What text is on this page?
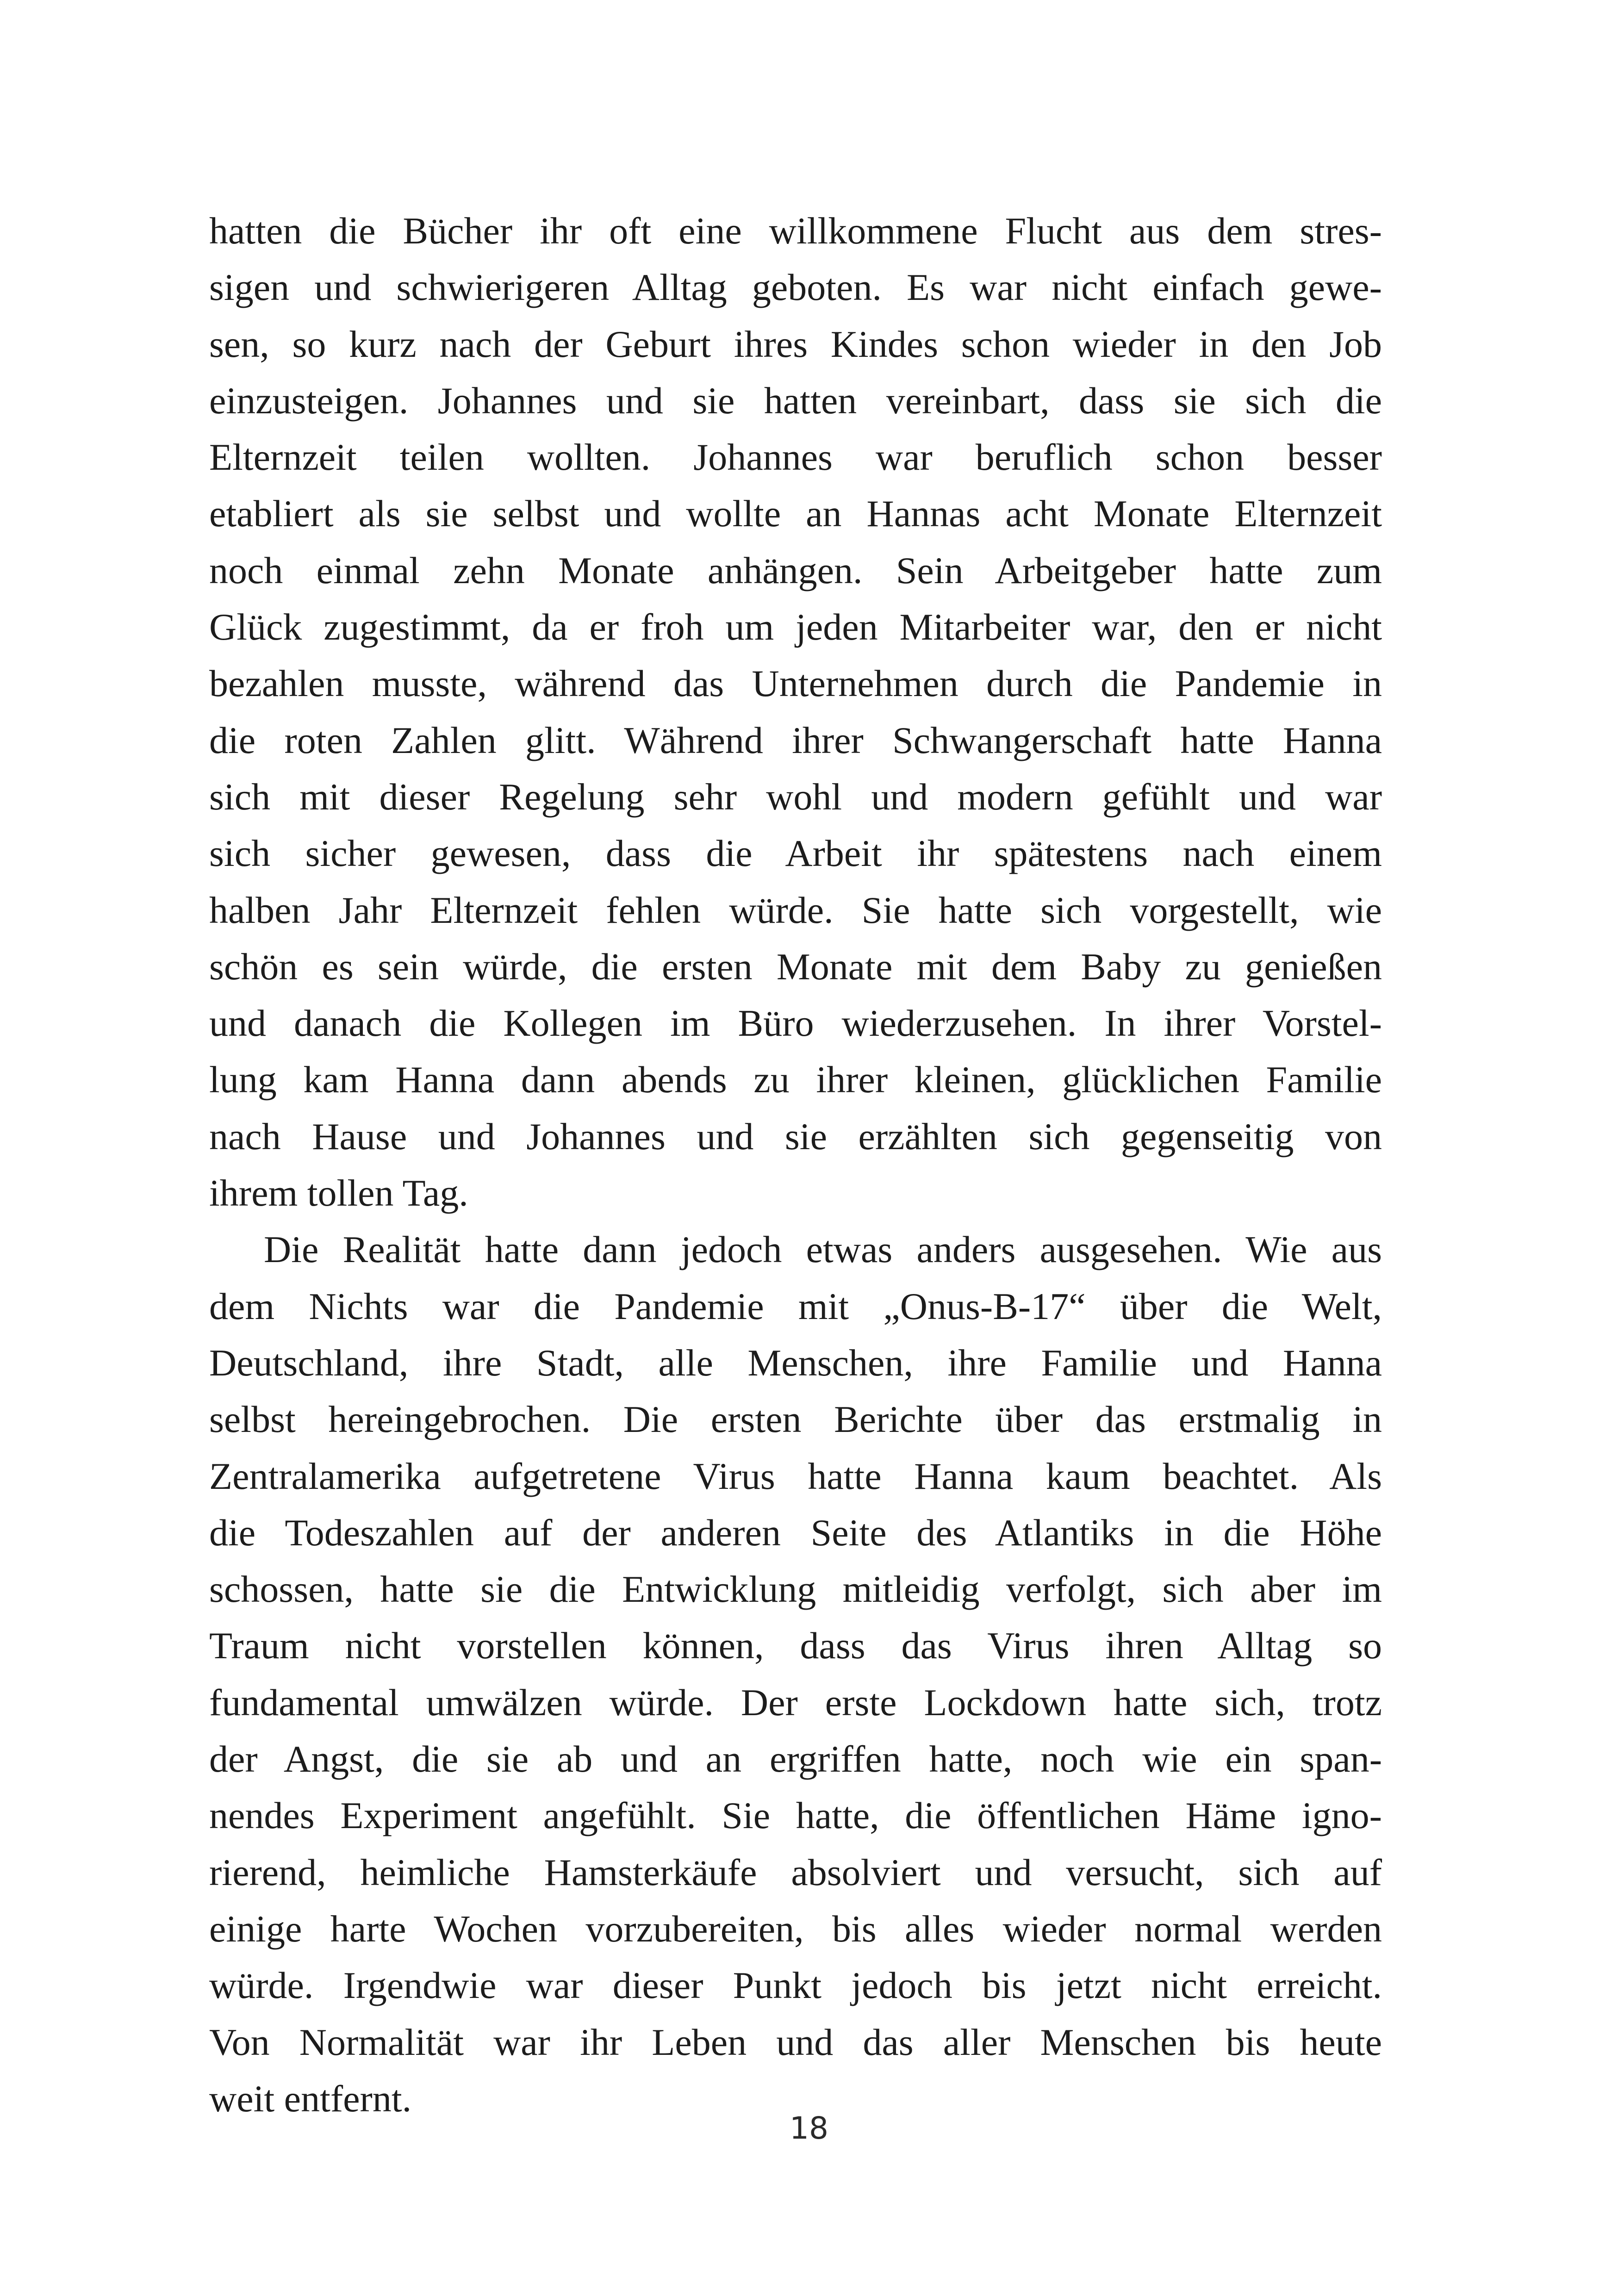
hatten die Bücher ihr oft eine willkommene Flucht aus dem stres-
sigen und schwierigeren Alltag geboten. Es war nicht einfach gewe-
sen, so kurz nach der Geburt ihres Kindes schon wieder in den Job
einzusteigen. Johannes und sie hatten vereinbart, dass sie sich die
Elternzeit teilen wollten. Johannes war beruflich schon besser
etabliert als sie selbst und wollte an Hannas acht Monate Elternzeit
noch einmal zehn Monate anhängen. Sein Arbeitgeber hatte zum
Glück zugestimmt, da er froh um jeden Mitarbeiter war, den er nicht
bezahlen musste, während das Unternehmen durch die Pandemie in
die roten Zahlen glitt. Während ihrer Schwangerschaft hatte Hanna
sich mit dieser Regelung sehr wohl und modern gefühlt und war
sich sicher gewesen, dass die Arbeit ihr spätestens nach einem
halben Jahr Elternzeit fehlen würde. Sie hatte sich vorgestellt, wie
schön es sein würde, die ersten Monate mit dem Baby zu genießen
und danach die Kollegen im Büro wiederzusehen. In ihrer Vorstel-
lung kam Hanna dann abends zu ihrer kleinen, glücklichen Familie
nach Hause und Johannes und sie erzählten sich gegenseitig von
ihrem tollen Tag.
Die Realität hatte dann jedoch etwas anders ausgesehen. Wie aus
dem Nichts war die Pandemie mit „Onus-B-17“ über die Welt,
Deutschland, ihre Stadt, alle Menschen, ihre Familie und Hanna
selbst hereingebrochen. Die ersten Berichte über das erstmalig in
Zentralamerika aufgetretene Virus hatte Hanna kaum beachtet. Als
die Todeszahlen auf der anderen Seite des Atlantiks in die Höhe
schossen, hatte sie die Entwicklung mitleidig verfolgt, sich aber im
Traum nicht vorstellen können, dass das Virus ihren Alltag so
fundamental umwälzen würde. Der erste Lockdown hatte sich, trotz
der Angst, die sie ab und an ergriffen hatte, noch wie ein span-
nendes Experiment angefühlt. Sie hatte, die öffentlichen Häme igno-
rierend, heimliche Hamsterkäufe absolviert und versucht, sich auf
einige harte Wochen vorzubereiten, bis alles wieder normal werden
würde. Irgendwie war dieser Punkt jedoch bis jetzt nicht erreicht.
Von Normalität war ihr Leben und das aller Menschen bis heute
weit entfernt.
18
